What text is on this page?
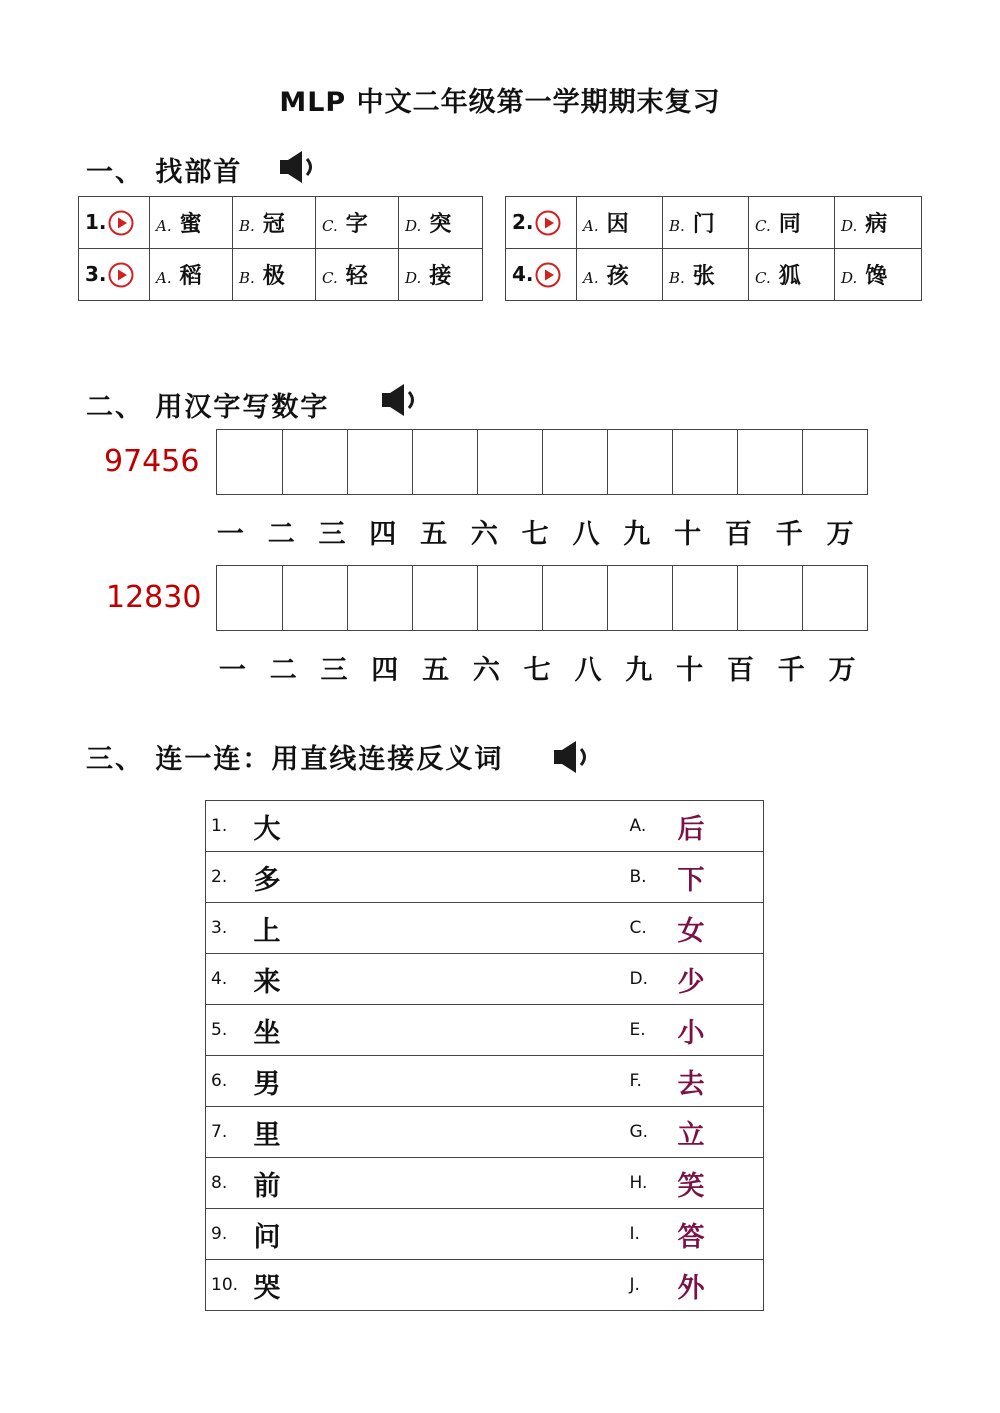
MLP 中文二年级第一学期期末复习
一、 找部首
1.	A. 蜜	B. 冠	C. 字	D. 突
3.	A. 稻	B. 极	C. 轻	D. 接
2.	A. 因	B. 门	C. 同	D. 病
4.	A. 孩	B. 张	C. 狐	D. 馋
二、 用汉字写数字
97456
一 二 三 四 五 六 七 八 九 十 百 千 万
12830
一 二 三 四 五 六 七 八 九 十 百 千 万
三、 连一连：用直线连接反义词
1.	大	A.	后
2.	多	B.	下
3.	上	C.	女
4.	来	D.	少
5.	坐	E.	小
6.	男	F.	去
7.	里	G.	立
8.	前	H.	笑
9.	问	I.	答
10.	哭	J.	外
